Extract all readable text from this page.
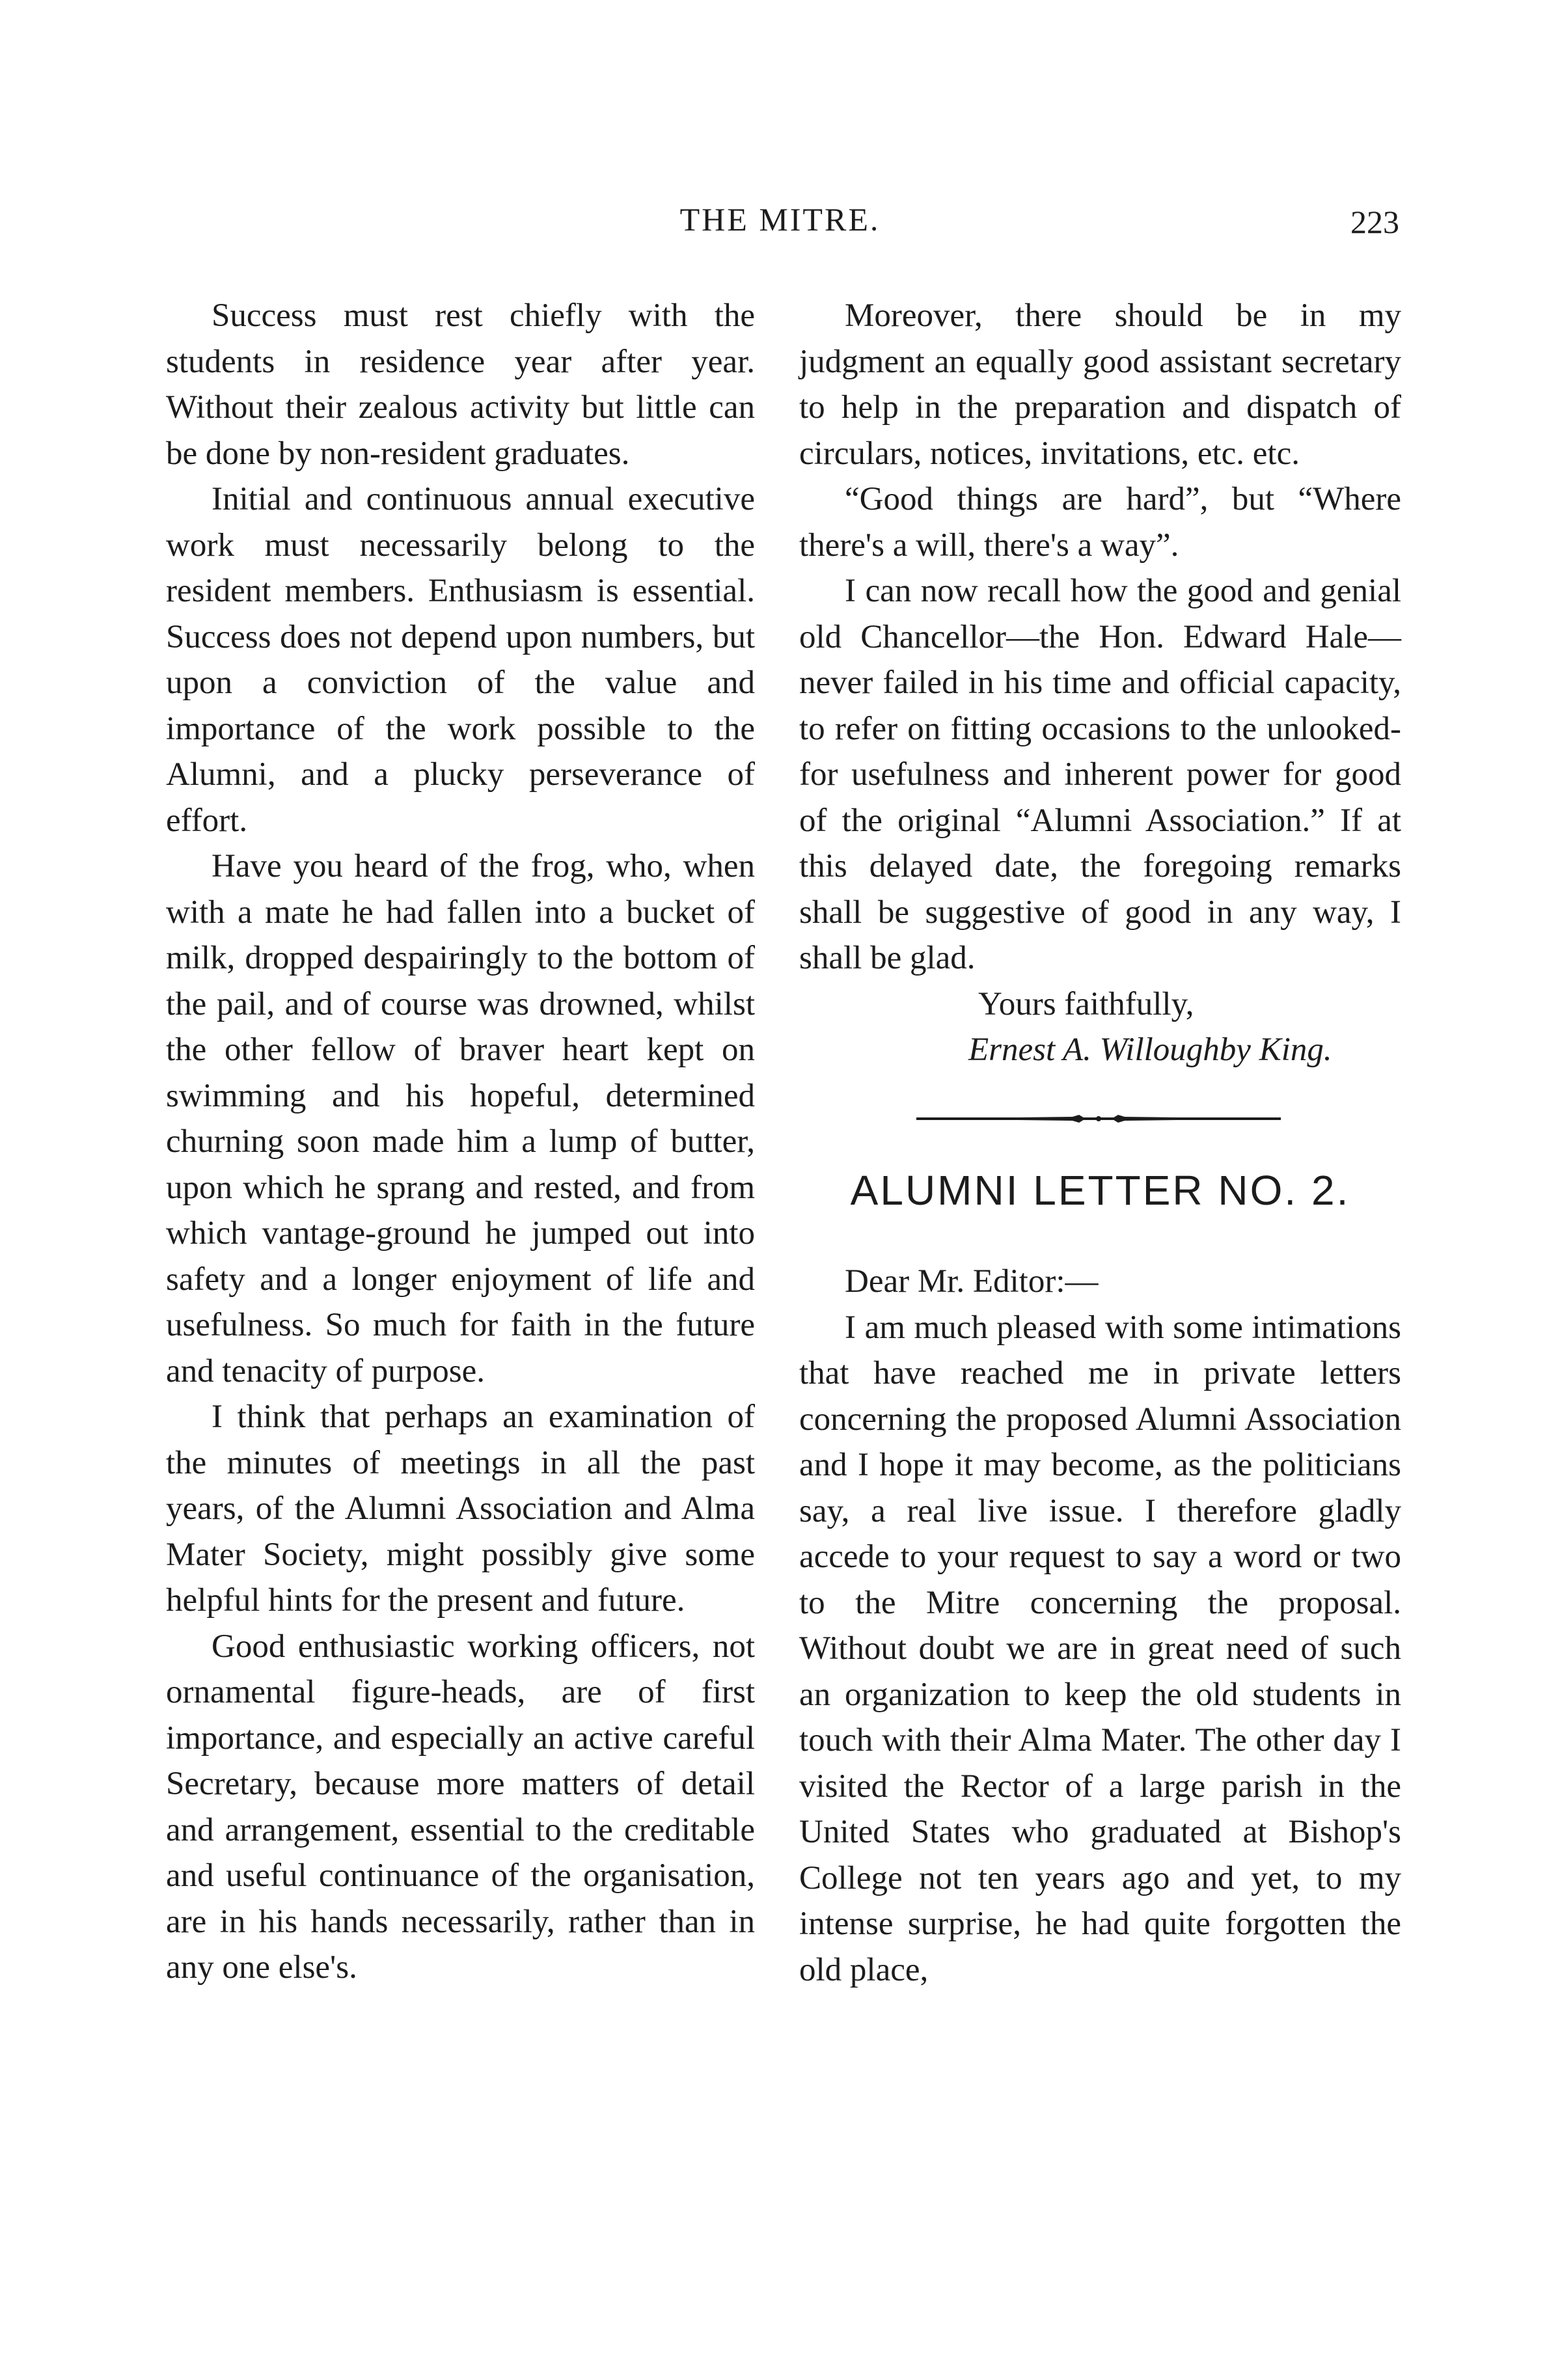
THE MITRE.	223

Success must rest chiefly with the students in residence year after year. Without their zealous activity but little can be done by non-resident graduates.

Initial and continuous annual executive work must necessarily belong to the resident members. Enthusiasm is essential. Success does not depend upon numbers, but upon a conviction of the value and importance of the work possible to the Alumni, and a plucky perseverance of effort.

Have you heard of the frog, who, when with a mate he had fallen into a bucket of milk, dropped despairingly to the bottom of the pail, and of course was drowned, whilst the other fellow of braver heart kept on swimming and his hopeful, determined churning soon made him a lump of butter, upon which he sprang and rested, and from which vantage-ground he jumped out into safety and a longer enjoyment of life and usefulness. So much for faith in the future and tenacity of purpose.

I think that perhaps an examination of the minutes of meetings in all the past years, of the Alumni Association and Alma Mater Society, might possibly give some helpful hints for the present and future.

Good enthusiastic working officers, not ornamental figure-heads, are of first importance, and especially an active careful Secretary, because more matters of detail and arrangement, essential to the creditable and useful continuance of the organisation, are in his hands necessarily, rather than in any one else's.

Moreover, there should be in my judgment an equally good assistant secretary to help in the preparation and dispatch of circulars, notices, invitations, etc. etc.

“Good things are hard”, but “Where there's a will, there's a way”.

I can now recall how the good and genial old Chancellor—the Hon. Edward Hale—never failed in his time and official capacity, to refer on fitting occasions to the unlooked-for usefulness and inherent power for good of the original “Alumni Association.” If at this delayed date, the foregoing remarks shall be suggestive of good in any way, I shall be glad.

Yours faithfully,

Ernest A. Willoughby King.

ALUMNI LETTER NO. 2.

Dear Mr. Editor:—

I am much pleased with some intimations that have reached me in private letters concerning the proposed Alumni Association and I hope it may become, as the politicians say, a real live issue. I therefore gladly accede to your request to say a word or two to the Mitre concerning the proposal. Without doubt we are in great need of such an organization to keep the old students in touch with their Alma Mater. The other day I visited the Rector of a large parish in the United States who graduated at Bishop's College not ten years ago and yet, to my intense surprise, he had quite forgotten the old place,
